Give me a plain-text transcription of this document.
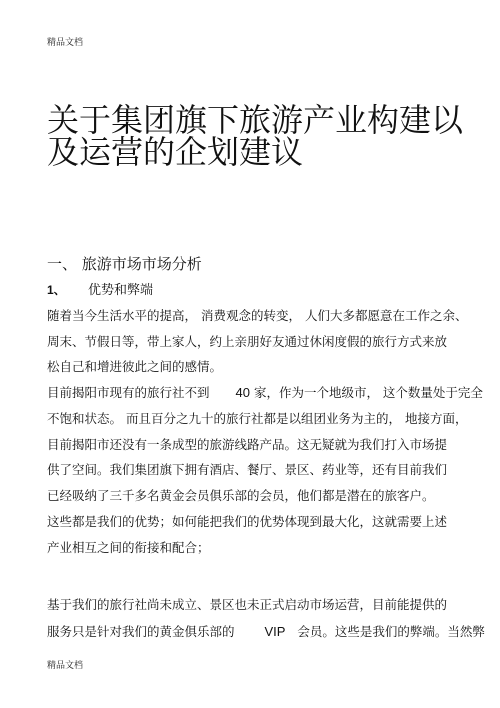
精品文档
关于集团旗下旅游产业构建以
及运营的企划建议
一、 旅游市场市场分析
1、 优势和弊端
随着当今生活水平的提高， 消费观念的转变， 人们大多都愿意在工作之余、
周末、节假日等，带上家人，约上亲朋好友通过休闲度假的旅行方式来放
松自己和增进彼此之间的感情。
目前揭阳市现有的旅行社不到 40 家，作为一个地级市， 这个数量处于完全
不饱和状态。 而且百分之九十的旅行社都是以组团业务为主的， 地接方面，
目前揭阳市还没有一条成型的旅游线路产品。这无疑就为我们打入市场提
供了空间。我们集团旗下拥有酒店、餐厅、景区、药业等，还有目前我们
已经吸纳了三千多名黄金会员俱乐部的会员，他们都是潜在的旅客户。
这些都是我们的优势；如何能把我们的优势体现到最大化，这就需要上述
产业相互之间的衔接和配合；
基于我们的旅行社尚未成立、景区也未正式启动市场运营，目前能提供的
服务只是针对我们的黄金俱乐部的 VIP 会员。这些是我们的弊端。当然弊
精品文档
